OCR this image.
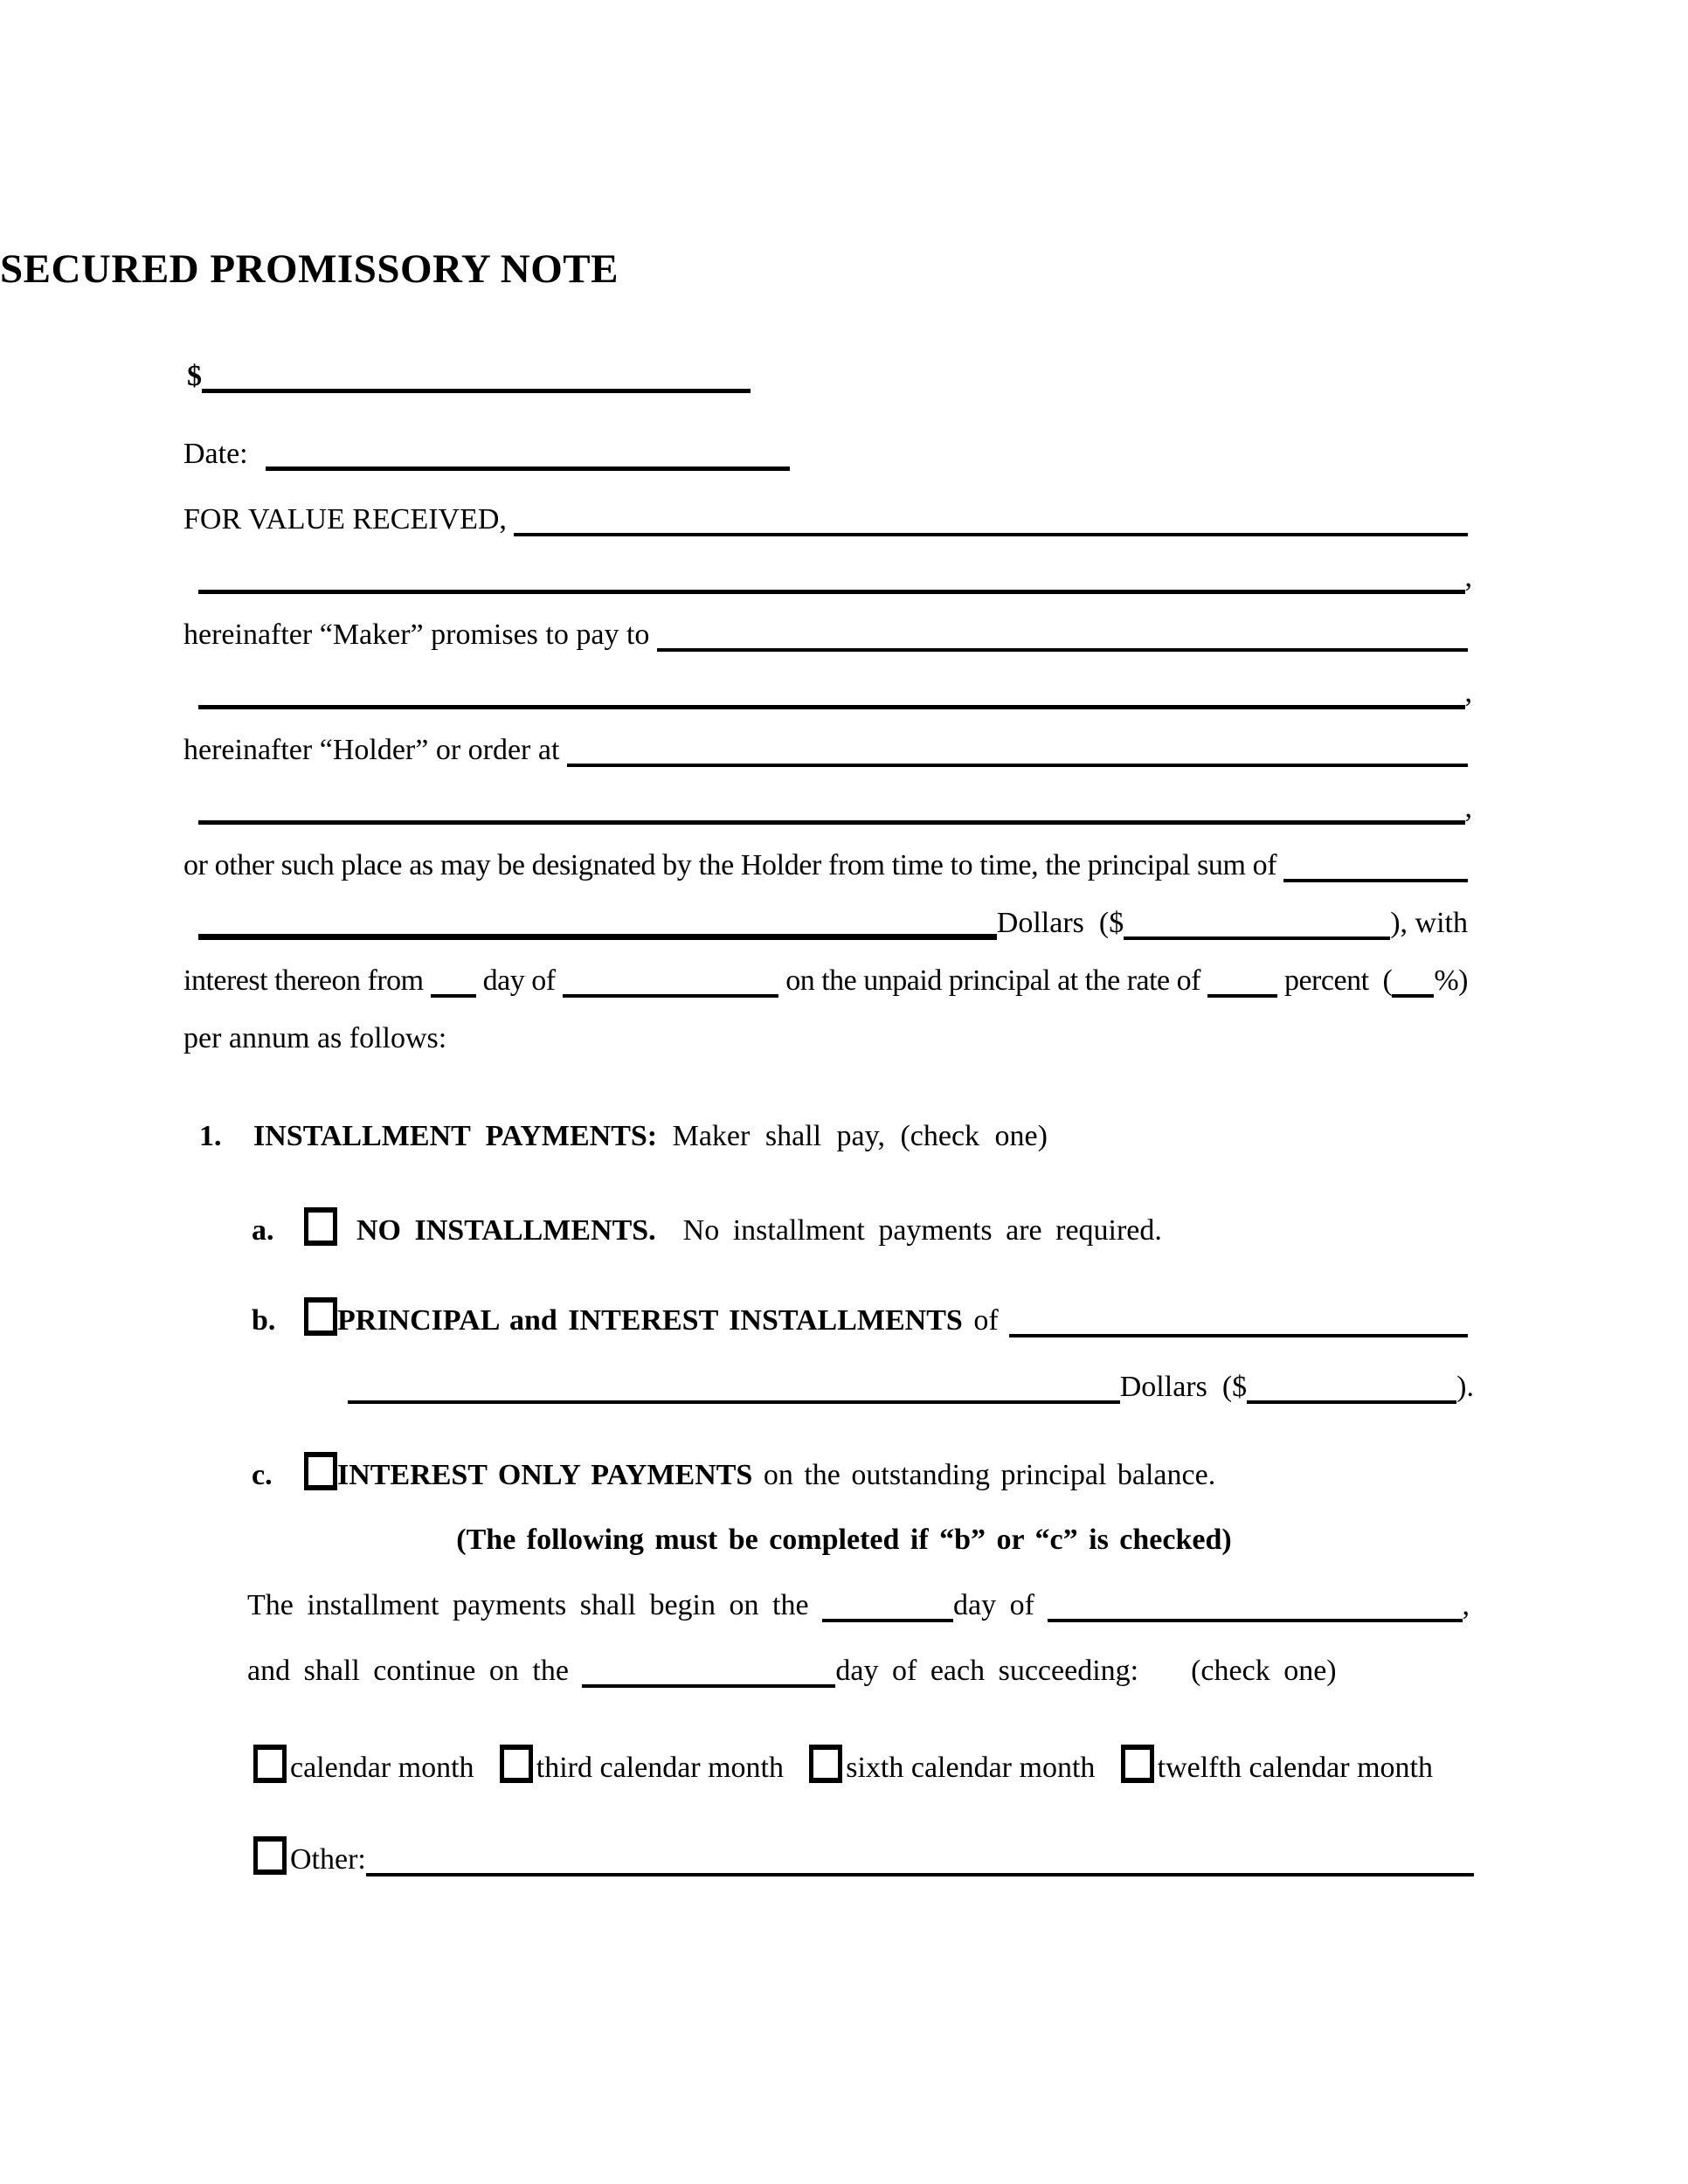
SECURED PROMISSORY NOTE
$
Date:
FOR VALUE RECEIVED,
,
hereinafter “Maker” promises to pay to
,
hereinafter “Holder” or order at
,
or other such place as may be designated by the Holder from time to time, the principal sum of
Dollars  ($	), with
interest thereon from day of	on the unpaid principal at the rate of percent  ( %)
per annum as follows:
1.	INSTALLMENT PAYMENTS: Maker shall pay, (check one)
a.	NO INSTALLMENTS. No installment payments are required.
b.	PRINCIPAL and INTEREST INSTALLMENTS of
Dollars  ($	).
c.	INTEREST ONLY PAYMENTS on the outstanding principal balance.
(The following must be completed if “b” or “c” is checked)
The installment payments shall begin on the	day of	,
and shall continue on the	day of each succeeding: (check one)
calendar month third calendar month sixth calendar month twelfth calendar month
Other:
